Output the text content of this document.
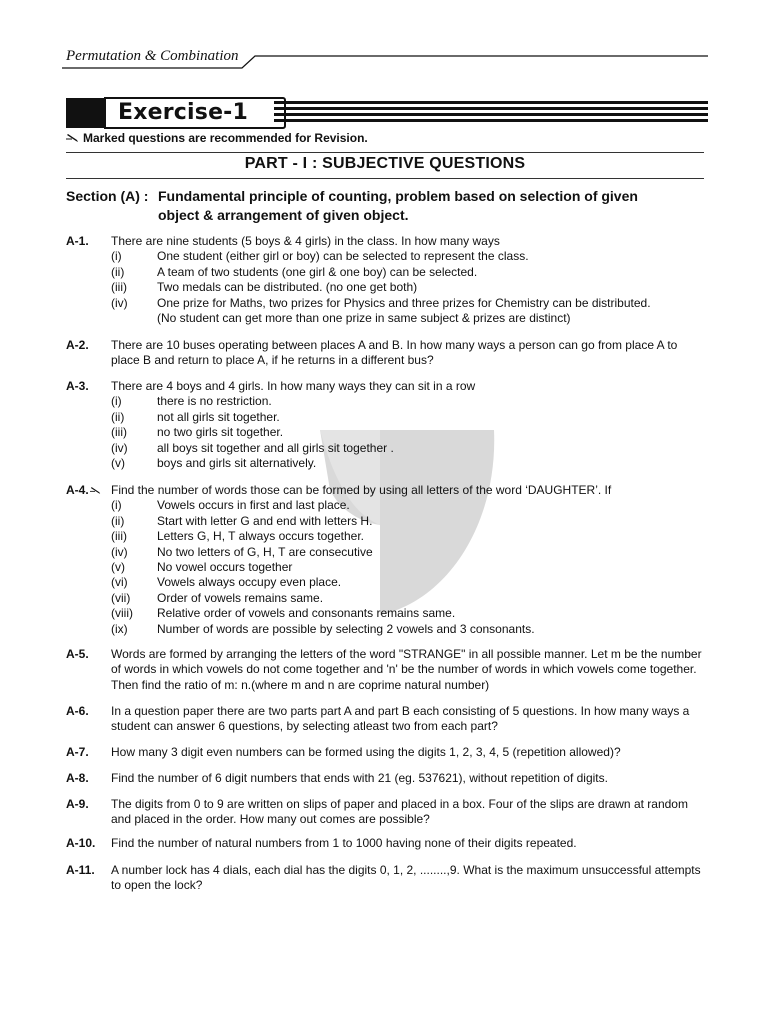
Permutation & Combination
Exercise-1
Marked questions are recommended for Revision.
PART - I : SUBJECTIVE QUESTIONS
Section (A) : Fundamental principle of counting, problem based on selection of given
object & arrangement of given object.
A-1.	There are nine students (5 boys & 4 girls) in the class. In how many ways
(i)	One student (either girl or boy) can be selected to represent the class.
(ii)	A team of two students (one girl & one boy) can be selected.
(iii)	Two medals can be distributed. (no one get both)
(iv)	One prize for Maths, two prizes for Physics and three prizes for Chemistry can be distributed.
(No student can get more than one prize in same subject & prizes are distinct)
A-2.	There are 10 buses operating between places A and B. In how many ways a person can go from place A to place B and return to place A, if he returns in a different bus?
A-3.	There are 4 boys and 4 girls. In how many ways they can sit in a row
(i)	there is no restriction.
(ii)	not all girls sit together.
(iii)	no two girls sit together.
(iv)	all boys sit together and all girls sit together .
(v)	boys and girls sit alternatively.
A-4.	Find the number of words those can be formed by using all letters of the word ‘DAUGHTER’. If
(i)	Vowels occurs in first and last place.
(ii)	Start with letter G and end with letters H.
(iii)	Letters G, H, T always occurs together.
(iv)	No two letters of G, H, T are consecutive
(v)	No vowel occurs together
(vi)	Vowels always occupy even place.
(vii)	Order of vowels remains same.
(viii)	Relative order of vowels and consonants remains same.
(ix)	Number of words are possible by selecting 2 vowels and 3 consonants.
A-5.	Words are formed by arranging the letters of the word "STRANGE" in all possible manner. Let m be the number of words in which vowels do not come together and 'n' be the number of words in which vowels come together. Then find the ratio of m: n.(where m and n are coprime natural number)
A-6.	In a question paper there are two parts part A and part B each consisting of 5 questions. In how many ways a student can answer 6 questions, by selecting atleast two from each part?
A-7.	How many 3 digit even numbers can be formed using the digits 1, 2, 3, 4, 5 (repetition allowed)?
A-8.	Find the number of 6 digit numbers that ends with 21 (eg. 537621), without repetition of digits.
A-9.	The digits from 0 to 9 are written on slips of paper and placed in a box. Four of the slips are drawn at random and placed in the order. How many out comes are possible?
A-10.	Find the number of natural numbers from 1 to 1000 having none of their digits repeated.
A-11.	A number lock has 4 dials, each dial has the digits 0, 1, 2, ........,9. What is the maximum unsuccessful attempts to open the lock?
